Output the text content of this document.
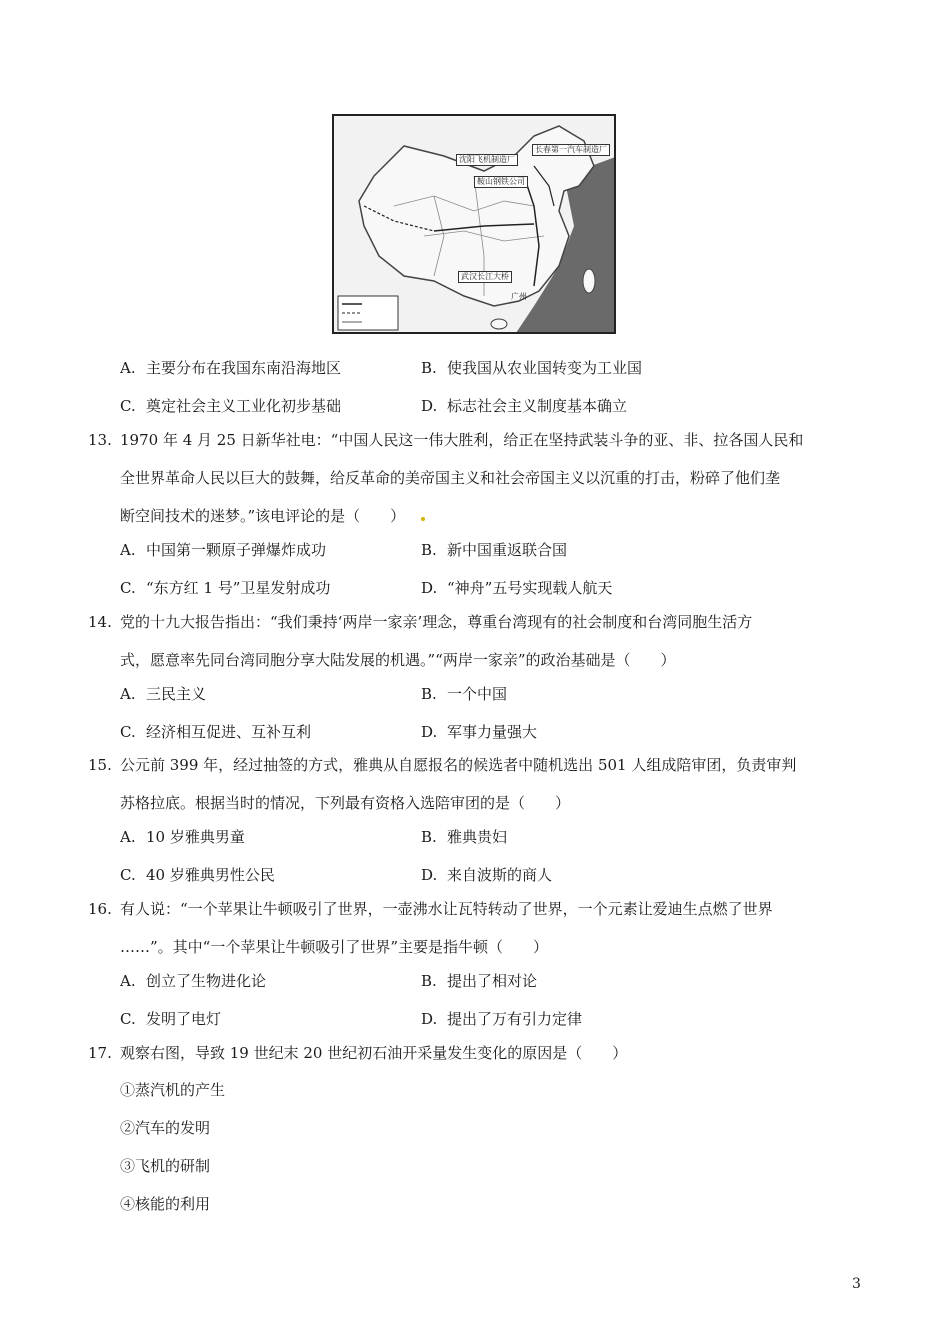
沈阳飞机制造厂
长春第一汽车制造厂
鞍山钢铁公司
武汉长江大桥
广州
A. 主要分布在我国东南沿海地区	B. 使我国从农业国转变为工业国
C. 奠定社会主义工业化初步基础	D. 标志社会主义制度基本确立
13. 1970 年 4 月 25 日新华社电：“中国人民这一伟大胜利，给正在坚持武装斗争的亚、非、拉各国人民和
全世界革命人民以巨大的鼓舞，给反革命的美帝国主义和社会帝国主义以沉重的打击，粉碎了他们垄
断空间技术的迷梦。”该电评论的是（　　）
A. 中国第一颗原子弹爆炸成功	B. 新中国重返联合国
C. “东方红 1 号”卫星发射成功	D. “神舟”五号实现载人航天
14. 党的十九大报告指出：“我们秉持‘两岸一家亲’理念，尊重台湾现有的社会制度和台湾同胞生活方
式，愿意率先同台湾同胞分享大陆发展的机遇。”“两岸一家亲”的政治基础是（　　）
A. 三民主义	B. 一个中国
C. 经济相互促进、互补互利	D. 军事力量强大
15. 公元前 399 年，经过抽签的方式，雅典从自愿报名的候选者中随机选出 501 人组成陪审团，负责审判
苏格拉底。根据当时的情况，下列最有资格入选陪审团的是（　　）
A. 10 岁雅典男童	B. 雅典贵妇
C. 40 岁雅典男性公民	D. 来自波斯的商人
16. 有人说：“一个苹果让牛顿吸引了世界，一壶沸水让瓦特转动了世界，一个元素让爱迪生点燃了世界
……”。其中“一个苹果让牛顿吸引了世界”主要是指牛顿（　　）
A. 创立了生物进化论	B. 提出了相对论
C. 发明了电灯	D. 提出了万有引力定律
17. 观察右图，导致 19 世纪末 20 世纪初石油开采量发生变化的原因是（　　）
①蒸汽机的产生
②汽车的发明
③飞机的研制
④核能的利用
3
